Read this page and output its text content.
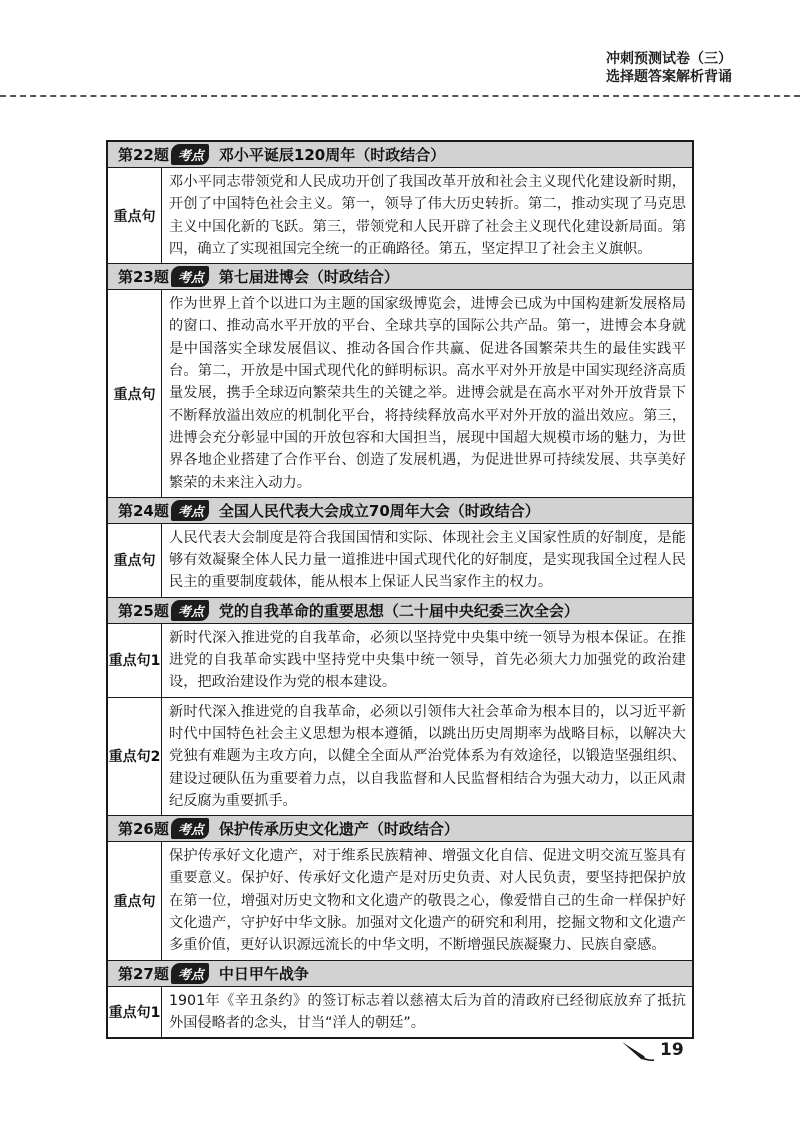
冲刺预测试卷（三）
选择题答案解析背诵
第22题 考点	邓小平诞辰120周年（时政结合）
重点句
邓小平同志带领党和人民成功开创了我国改革开放和社会主义现代化建设新时期，开创了中国特色社会主义。第一，领导了伟大历史转折。第二，推动实现了马克思主义中国化新的飞跃。第三，带领党和人民开辟了社会主义现代化建设新局面。第四，确立了实现祖国完全统一的正确路径。第五，坚定捍卫了社会主义旗帜。
第23题 考点	第七届进博会（时政结合）
重点句
作为世界上首个以进口为主题的国家级博览会，进博会已成为中国构建新发展格局的窗口、推动高水平开放的平台、全球共享的国际公共产品。第一，进博会本身就是中国落实全球发展倡议、推动各国合作共赢、促进各国繁荣共生的最佳实践平台。第二，开放是中国式现代化的鲜明标识。高水平对外开放是中国实现经济高质量发展，携手全球迈向繁荣共生的关键之举。进博会就是在高水平对外开放背景下不断释放溢出效应的机制化平台，将持续释放高水平对外开放的溢出效应。第三，进博会充分彰显中国的开放包容和大国担当，展现中国超大规模市场的魅力，为世界各地企业搭建了合作平台、创造了发展机遇，为促进世界可持续发展、共享美好繁荣的未来注入动力。
第24题 考点	全国人民代表大会成立70周年大会（时政结合）
重点句
人民代表大会制度是符合我国国情和实际、体现社会主义国家性质的好制度，是能够有效凝聚全体人民力量一道推进中国式现代化的好制度，是实现我国全过程人民民主的重要制度载体，能从根本上保证人民当家作主的权力。
第25题 考点	党的自我革命的重要思想（二十届中央纪委三次全会）
重点句1
新时代深入推进党的自我革命，必须以坚持党中央集中统一领导为根本保证。在推进党的自我革命实践中坚持党中央集中统一领导，首先必须大力加强党的政治建设，把政治建设作为党的根本建设。
重点句2
新时代深入推进党的自我革命，必须以引领伟大社会革命为根本目的，以习近平新时代中国特色社会主义思想为根本遵循，以跳出历史周期率为战略目标，以解决大党独有难题为主攻方向，以健全全面从严治党体系为有效途径，以锻造坚强组织、建设过硬队伍为重要着力点，以自我监督和人民监督相结合为强大动力，以正风肃纪反腐为重要抓手。
第26题 考点	保护传承历史文化遗产（时政结合）
重点句
保护传承好文化遗产，对于维系民族精神、增强文化自信、促进文明交流互鉴具有重要意义。保护好、传承好文化遗产是对历史负责、对人民负责，要坚持把保护放在第一位，增强对历史文物和文化遗产的敬畏之心，像爱惜自己的生命一样保护好文化遗产，守护好中华文脉。加强对文化遗产的研究和利用，挖掘文物和文化遗产多重价值，更好认识源远流长的中华文明，不断增强民族凝聚力、民族自豪感。
第27题 考点	中日甲午战争
重点句1
1901年《辛丑条约》的签订标志着以慈禧太后为首的清政府已经彻底放弃了抵抗外国侵略者的念头，甘当“洋人的朝廷”。
19
